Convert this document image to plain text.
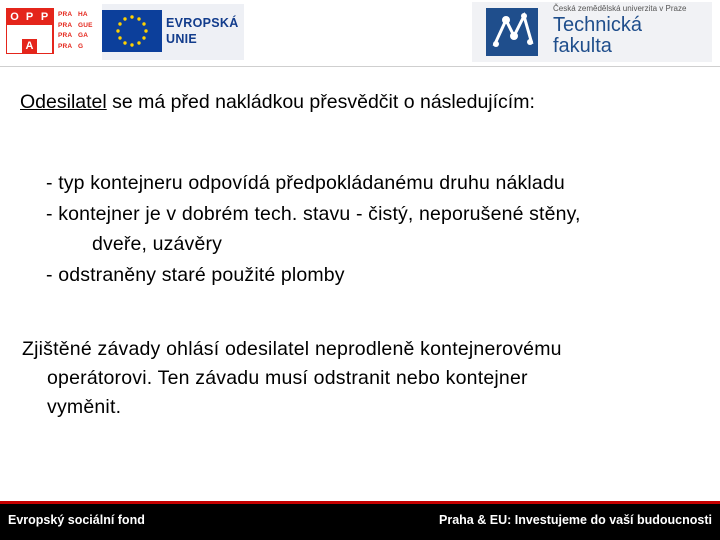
O P P
A
PRA HA
PRA GUE
PRA GA
PRA G
EVROPSKÁ
UNIE
Česká zemědělská univerzita v Praze
Technická
fakulta
Odesilatel se má před nakládkou přesvědčit o následujícím:
- typ kontejneru odpovídá předpokládanému druhu nákladu
- kontejner je v dobrém tech. stavu - čistý, neporušené stěny,
dveře, uzávěry
- odstraněny staré použité plomby
Zjištěné závady ohlásí odesilatel neprodleně kontejnerovému
operátorovi. Ten závadu musí odstranit nebo kontejner
vyměnit.
Evropský sociální fond	Praha & EU: Investujeme do vaší budoucnosti
